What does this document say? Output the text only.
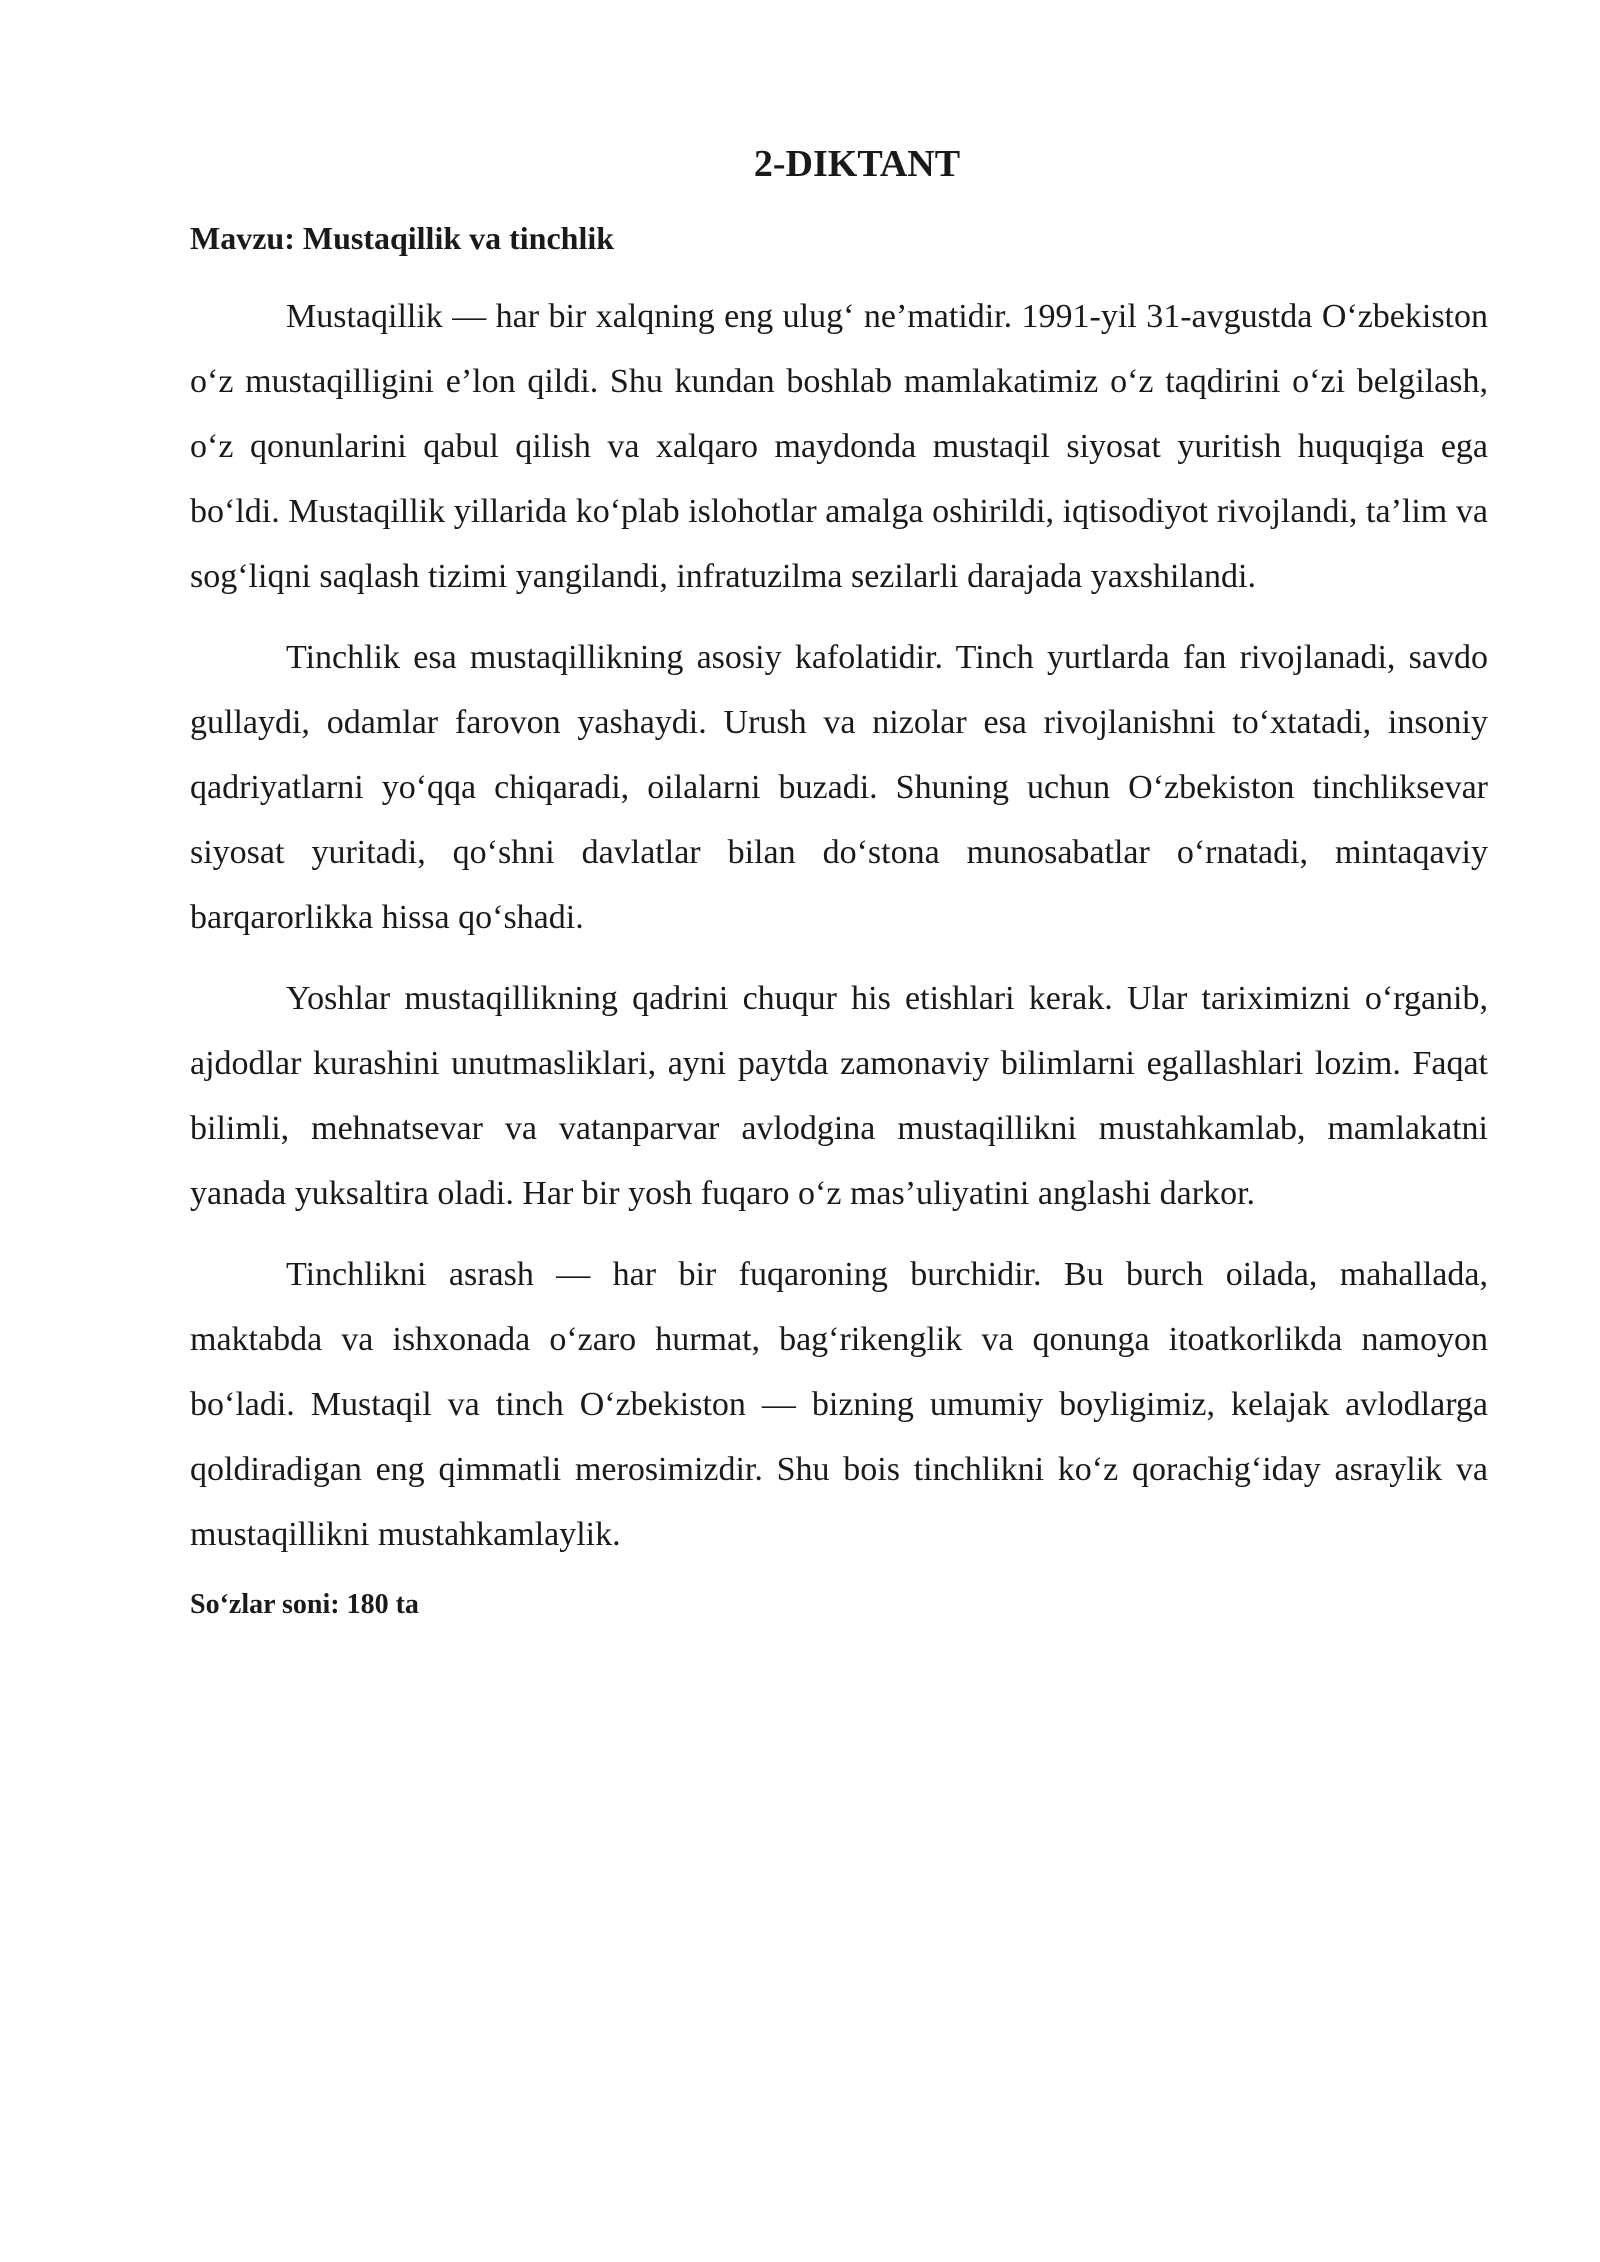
2-DIKTANT

Mavzu: Mustaqillik va tinchlik

Mustaqillik — har bir xalqning eng ulug‘ ne’matidir. 1991-yil 31-avgustda O‘zbekiston o‘z mustaqilligini e’lon qildi. Shu kundan boshlab mamlakatimiz o‘z taqdirini o‘zi belgilash, o‘z qonunlarini qabul qilish va xalqaro maydonda mustaqil siyosat yuritish huquqiga ega bo‘ldi. Mustaqillik yillarida ko‘plab islohotlar amalga oshirildi, iqtisodiyot rivojlandi, ta’lim va sog‘liqni saqlash tizimi yangilandi, infratuzilma sezilarli darajada yaxshilandi.

Tinchlik esa mustaqillikning asosiy kafolatidir. Tinch yurtlarda fan rivojlanadi, savdo gullaydi, odamlar farovon yashaydi. Urush va nizolar esa rivojlanishni to‘xtatadi, insoniy qadriyatlarni yo‘qqa chiqaradi, oilalarni buzadi. Shuning uchun O‘zbekiston tinchliksevar siyosat yuritadi, qo‘shni davlatlar bilan do‘stona munosabatlar o‘rnatadi, mintaqaviy barqarorlikka hissa qo‘shadi.

Yoshlar mustaqillikning qadrini chuqur his etishlari kerak. Ular tariximizni o‘rganib, ajdodlar kurashini unutmasliklari, ayni paytda zamonaviy bilimlarni egallashlari lozim. Faqat bilimli, mehnatsevar va vatanparvar avlodgina mustaqillikni mustahkamlab, mamlakatni yanada yuksaltira oladi. Har bir yosh fuqaro o‘z mas’uliyatini anglashi darkor.

Tinchlikni asrash — har bir fuqaroning burchidir. Bu burch oilada, mahallada, maktabda va ishxonada o‘zaro hurmat, bag‘rikenglik va qonunga itoatkorlikda namoyon bo‘ladi. Mustaqil va tinch O‘zbekiston — bizning umumiy boyligimiz, kelajak avlodlarga qoldiradigan eng qimmatli merosimizdir. Shu bois tinchlikni ko‘z qorachig‘iday asraylik va mustaqillikni mustahkamlaylik.

So‘zlar soni: 180 ta
